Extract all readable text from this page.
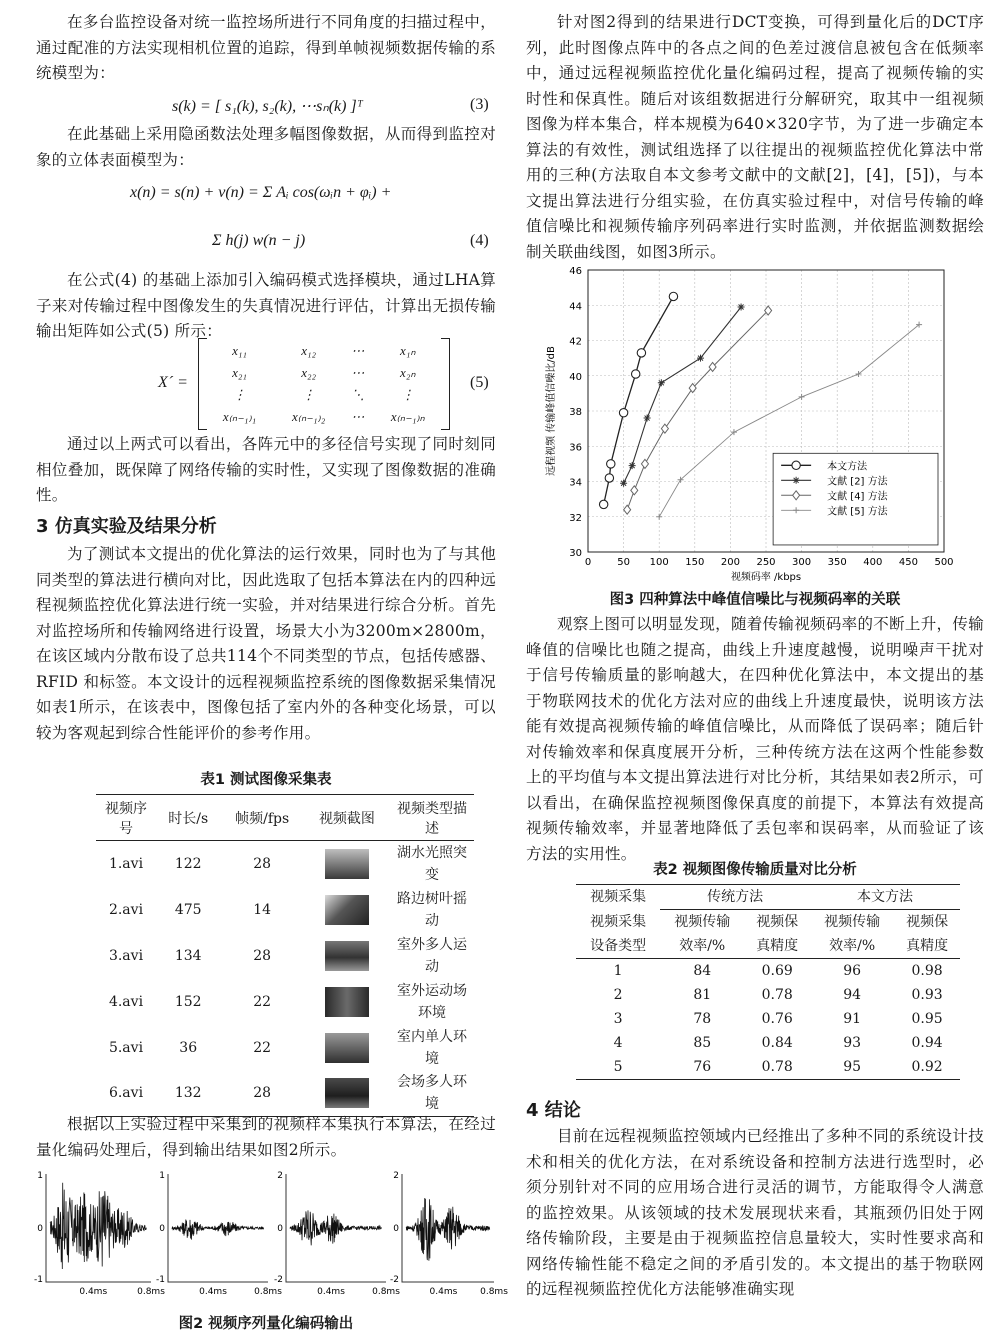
在多台监控设备对统一监控场所进行不同角度的扫描过程中，通过配准的方法实现相机位置的追踪，得到单帧视频数据传输的系统模型为：

s(k) = [ s₁(k), s₂(k), ⋯sₙ(k) ]ᵀ	(3)

在此基础上采用隐函数法处理多幅图像数据，从而得到监控对象的立体表面模型为：

x(n) = s(n) + v(n) = Σ Aᵢ cos(ωᵢn + φᵢ) +
Σ h(j) w(n − j)	(4)

在公式(4) 的基础上添加引入编码模式选择模块，通过LHA算子来对传输过程中图像发生的失真情况进行评估，计算出无损传输输出矩阵如公式(5) 所示：

X´ =
x₁₁	x₁₂	⋯	x₁ₙ
x₂₁	x₂₂	⋯	x₂ₙ
⋮	⋮	⋱	⋮
x₍ₙ₋₁₎₁	x₍ₙ₋₁₎₂	⋯	x₍ₙ₋₁₎ₙ
(5)

通过以上两式可以看出，各阵元中的多径信号实现了同时刻同相位叠加，既保障了网络传输的实时性，又实现了图像数据的准确性。

3 仿真实验及结果分析

为了测试本文提出的优化算法的运行效果，同时也为了与其他同类型的算法进行横向对比，因此选取了包括本算法在内的四种远程视频监控优化算法进行统一实验，并对结果进行综合分析。首先对监控场所和传输网络进行设置，场景大小为3200m×2800m，在该区域内分散布设了总共114个不同类型的节点，包括传感器、RFID 和标签。本文设计的远程视频监控系统的图像数据采集情况如表1所示，在该表中，图像包括了室内外的各种变化场景，可以较为客观起到综合性能评价的参考作用。

表1 测试图像采集表
视频序号	时长/s	帧频/fps	视频截图	视频类型描述
1.avi	122	28		湖水光照突变
2.avi	475	14		路边树叶摇动
3.avi	134	28		室外多人运动
4.avi	152	22		室外运动场环境
5.avi	36	22		室内单人环境
6.avi	132	28		会场多人环境

根据以上实验过程中采集到的视频样本集执行本算法，在经过量化编码处理后，得到输出结果如图2所示。

1
0
-1
0.4ms	0.8ms
1
0
-1
0.4ms	0.8ms
2
0
-2
0.4ms	0.8ms
2
0
-2
0.4ms	0.8ms
图2 视频序列量化编码输出

针对图2得到的结果进行DCT变换，可得到量化后的DCT序列，此时图像点阵中的各点之间的色差过渡信息被包含在低频率中，通过远程视频监控优化量化编码过程，提高了视频传输的实时性和保真性。随后对该组数据进行分解研究，取其中一组视频图像为样本集合，样本规模为640×320字节，为了进一步确定本算法的有效性，测试组选择了以往提出的视频监控优化算法中常用的三种(方法取自本文参考文献中的文献[2]，[4]，[5])，与本文提出算法进行分组实验，在仿真实验过程中，对信号传输的峰值信噪比和视频传输序列码率进行实时监测，并依据监测数据绘制关联曲线图，如图3所示。

0	50 100 150 200 250 300 350 400 450 500
30
32
34
36
38
40
42
44
46
视频码率 /kbps
远程视频 传输峰值信噪比/dB	本文方法
文献 [2] 方法
文献 [4] 方法
文献 [5] 方法
图3 四种算法中峰值信噪比与视频码率的关联

观察上图可以明显发现，随着传输视频码率的不断上升，传输峰值的信噪比也随之提高，曲线上升速度越慢，说明噪声干扰对于信号传输质量的影响越大，在四种优化算法中，本文提出的基于物联网技术的优化方法对应的曲线上升速度最快，说明该方法能有效提高视频传输的峰值信噪比，从而降低了误码率；随后针对传输效率和保真度展开分析，三种传统方法在这两个性能参数上的平均值与本文提出算法进行对比分析，其结果如表2所示，可以看出，在确保监控视频图像保真度的前提下，本算法有效提高视频传输效率，并显著地降低了丢包率和误码率，从而验证了该方法的实用性。

表2 视频图像传输质量对比分析
视频采集	传统方法		本文方法	
视频采集	视频传输	视频保	视频传输	视频保
设备类型	效率/%	真精度	效率/%	真精度
1	84	0.69	96	0.98
2	81	0.78	94	0.93
3	78	0.76	91	0.95
4	85	0.84	93	0.94
5	76	0.78	95	0.92
4 结论

目前在远程视频监控领域内已经推出了多种不同的系统设计技术和相关的优化方法，在对系统设备和控制方法进行选型时，必须分别针对不同的应用场合进行灵活的调节，方能取得令人满意的监控效果。从该领域的技术发展现状来看，其瓶颈仍旧处于网络传输阶段，主要是由于视频监控信息量较大，实时性要求高和网络传输性能不稳定之间的矛盾引发的。本文提出的基于物联网的远程视频监控优化方法能够准确实现
